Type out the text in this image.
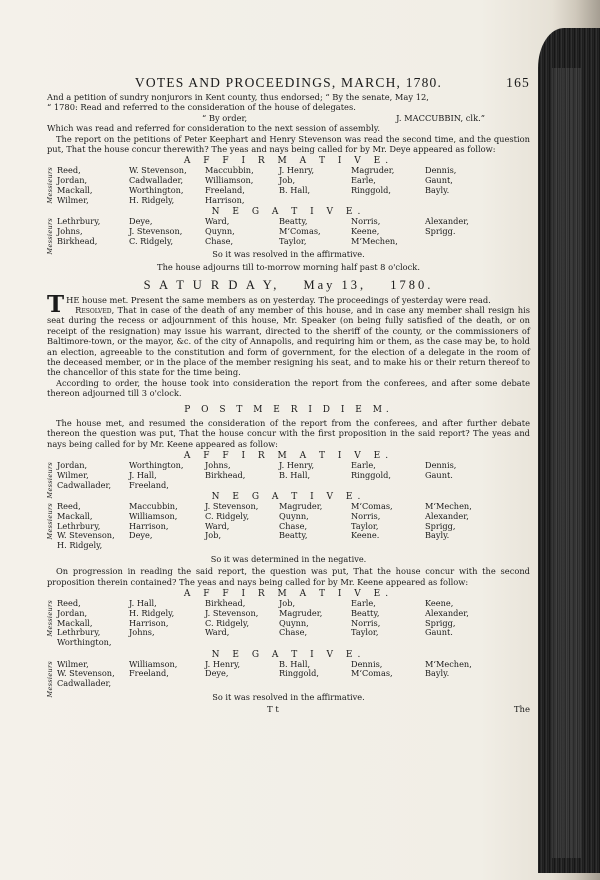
VOTES AND PROCEEDINGS, MARCH, 1780.	165

And a petition of sundry nonjurors in Kent county, thus endorsed; “ By the senate, May 12,

“ 1780: Read and referred to the consideration of the house of delegates.

“ By order,	J. MACCUBBIN, clk.”

Which was read and referred for consideration to the next session of assembly.

The report on the petitions of Peter Keephart and Henry Stevenson was read the second time, and the question put, That the house concur therewith? The yeas and nays being called for by Mr. Deye appeared as follow:

A F F I R M A T I V E.
Messieurs Reed,	W. Stevenson,	Maccubbin,	J. Henry,	Magruder,	Dennis,
Jordan,	Cadwallader,	Williamson,	Job,	Earle,	Gaunt,
Mackall,	Worthington,	Freeland,	B. Hall,	Ringgold,	Bayly.
Wilmer,	H. Ridgely,	Harrison,
N E G A T I V E.
Messieurs Lethrbury,	Deye,	Ward,	Beatty,	Norris,	Alexander,
Johns,	J. Stevenson,	Quynn,	M‘Comas,	Keene,	Sprigg.
Birkhead,	C. Ridgely,	Chase,	Taylor,	M‘Mechen,
So it was resolved in the affirmative.

The house adjourns till to-morrow morning half past 8 o'clock.

S A T U R D A Y, May 13, 1780.

THE house met. Present the same members as on yesterday. The proceedings of yesterday were read.

Resolved, That in case of the death of any member of this house, and in case any member shall resign his seat during the recess or adjournment of this house, Mr. Speaker (on being fully satisfied of the death, or on receipt of the resignation) may issue his warrant, directed to the sheriff of the county, or the commissioners of Baltimore-town, or the mayor, &c. of the city of Annapolis, and requiring him or them, as the case may be, to hold an election, agreeable to the constitution and form of government, for the election of a delegate in the room of the deceased member, or in the place of the member resigning his seat, and to make his or their return thereof to the chancellor of this state for the time being.

According to order, the house took into consideration the report from the conferees, and after some debate thereon adjourned till 3 o'clock.

P O S T M E R I D I E M.

The house met, and resumed the consideration of the report from the conferees, and after further debate thereon the question was put, That the house concur with the first proposition in the said report? The yeas and nays being called for by Mr. Keene appeared as follow:

A F F I R M A T I V E.
Messieurs Jordan,	Worthington,	Johns,	J. Henry,	Earle,	Dennis,
Wilmer,	J. Hall,	Birkhead,	B. Hall,	Ringgold,	Gaunt.
Cadwallader,	Freeland,
N E G A T I V E.
Messieurs Reed,	Maccubbin,	J. Stevenson,	Magruder,	M‘Comas,	M‘Mechen,
Mackall,	Williamson,	C. Ridgely,	Quynn,	Norris,	Alexander,
Lethrbury,	Harrison,	Ward,	Chase,	Taylor,	Sprigg,
W. Stevenson,	Deye,	Job,	Beatty,	Keene.	Bayly.
H. Ridgely,
So it was determined in the negative.

On progression in reading the said report, the question was put, That the house concur with the second proposition therein contained? The yeas and nays being called for by Mr. Keene appeared as follow:

A F F I R M A T I V E.
Messieurs Reed,	J. Hall,	Birkhead,	Job,	Earle,	Keene,
Jordan,	H. Ridgely,	J. Stevenson,	Magruder,	Beatty,	Alexander,
Mackall,	Harrison,	C. Ridgely,	Quynn,	Norris,	Sprigg,
Lethrbury,	Johns,	Ward,	Chase,	Taylor,	Gaunt.
Worthington,
N E G A T I V E.
Messieurs Wilmer,	Williamson,	J. Henry,	B. Hall,	Dennis,	M‘Mechen,
W. Stevenson,	Freeland,	Deye,	Ringgold,	M‘Comas,	Bayly.
Cadwallader,
So it was resolved in the affirmative.
T t	The
